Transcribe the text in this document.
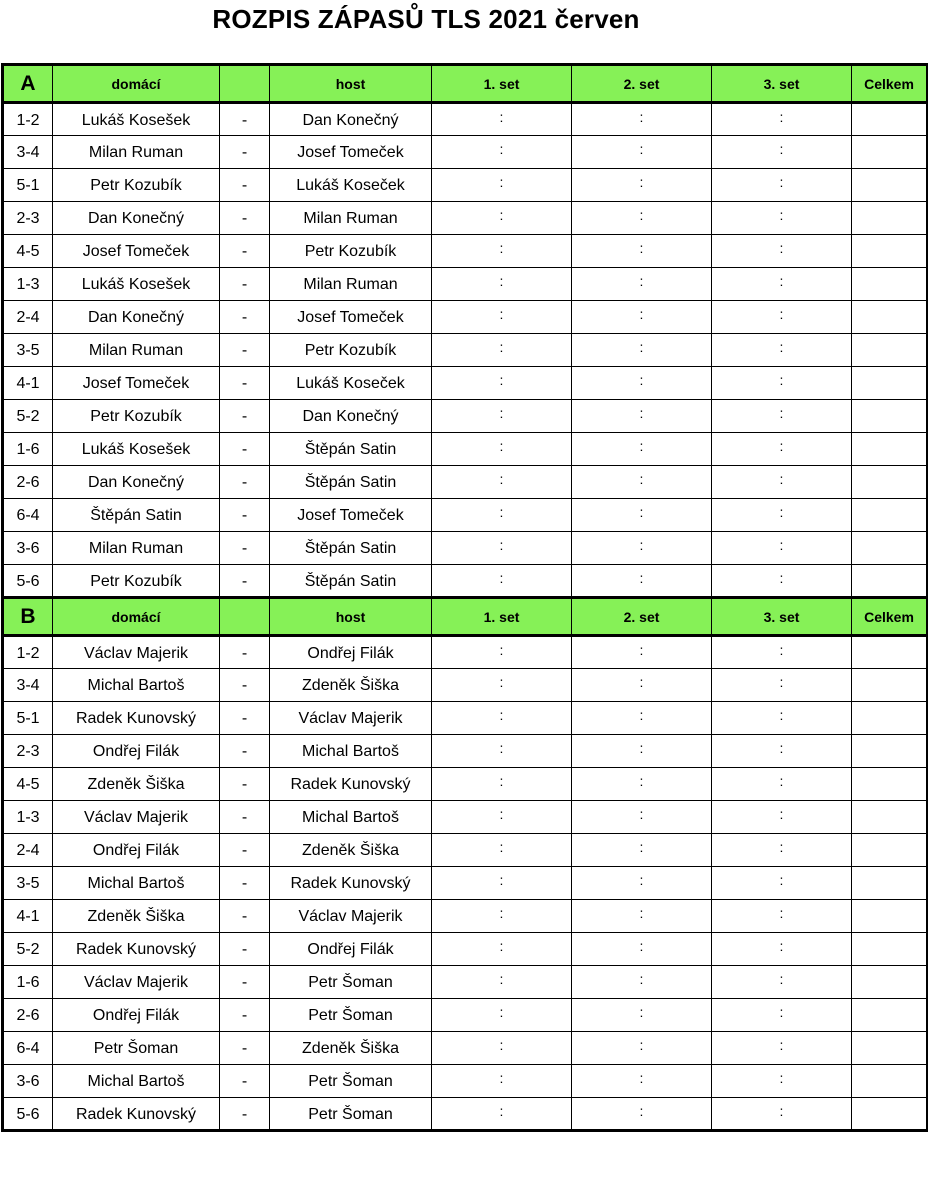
ROZPIS ZÁPASŮ TLS 2021 červen
A	domácí		host	1. set	2. set	3. set	Celkem
1-2	Lukáš Kosešek	-	Dan Konečný	:	:	:	
3-4	Milan Ruman	-	Josef Tomeček	:	:	:	
5-1	Petr Kozubík	-	Lukáš Koseček	:	:	:	
2-3	Dan Konečný	-	Milan Ruman	:	:	:	
4-5	Josef Tomeček	-	Petr Kozubík	:	:	:	
1-3	Lukáš Kosešek	-	Milan Ruman	:	:	:	
2-4	Dan Konečný	-	Josef Tomeček	:	:	:	
3-5	Milan Ruman	-	Petr Kozubík	:	:	:	
4-1	Josef Tomeček	-	Lukáš Koseček	:	:	:	
5-2	Petr Kozubík	-	Dan Konečný	:	:	:	
1-6	Lukáš Kosešek	-	Štěpán Satin	:	:	:	
2-6	Dan Konečný	-	Štěpán Satin	:	:	:	
6-4	Štěpán Satin	-	Josef Tomeček	:	:	:	
3-6	Milan Ruman	-	Štěpán Satin	:	:	:	
5-6	Petr Kozubík	-	Štěpán Satin	:	:	:	
B	domácí		host	1. set	2. set	3. set	Celkem
1-2	Václav Majerik	-	Ondřej Filák	:	:	:	
3-4	Michal Bartoš	-	Zdeněk Šiška	:	:	:	
5-1	Radek Kunovský	-	Václav Majerik	:	:	:	
2-3	Ondřej Filák	-	Michal Bartoš	:	:	:	
4-5	Zdeněk Šiška	-	Radek Kunovský	:	:	:	
1-3	Václav Majerik	-	Michal Bartoš	:	:	:	
2-4	Ondřej Filák	-	Zdeněk Šiška	:	:	:	
3-5	Michal Bartoš	-	Radek Kunovský	:	:	:	
4-1	Zdeněk Šiška	-	Václav Majerik	:	:	:	
5-2	Radek Kunovský	-	Ondřej Filák	:	:	:	
1-6	Václav Majerik	-	Petr Šoman	:	:	:	
2-6	Ondřej Filák	-	Petr Šoman	:	:	:	
6-4	Petr Šoman	-	Zdeněk Šiška	:	:	:	
3-6	Michal Bartoš	-	Petr Šoman	:	:	:	
5-6	Radek Kunovský	-	Petr Šoman	:	:	:	
